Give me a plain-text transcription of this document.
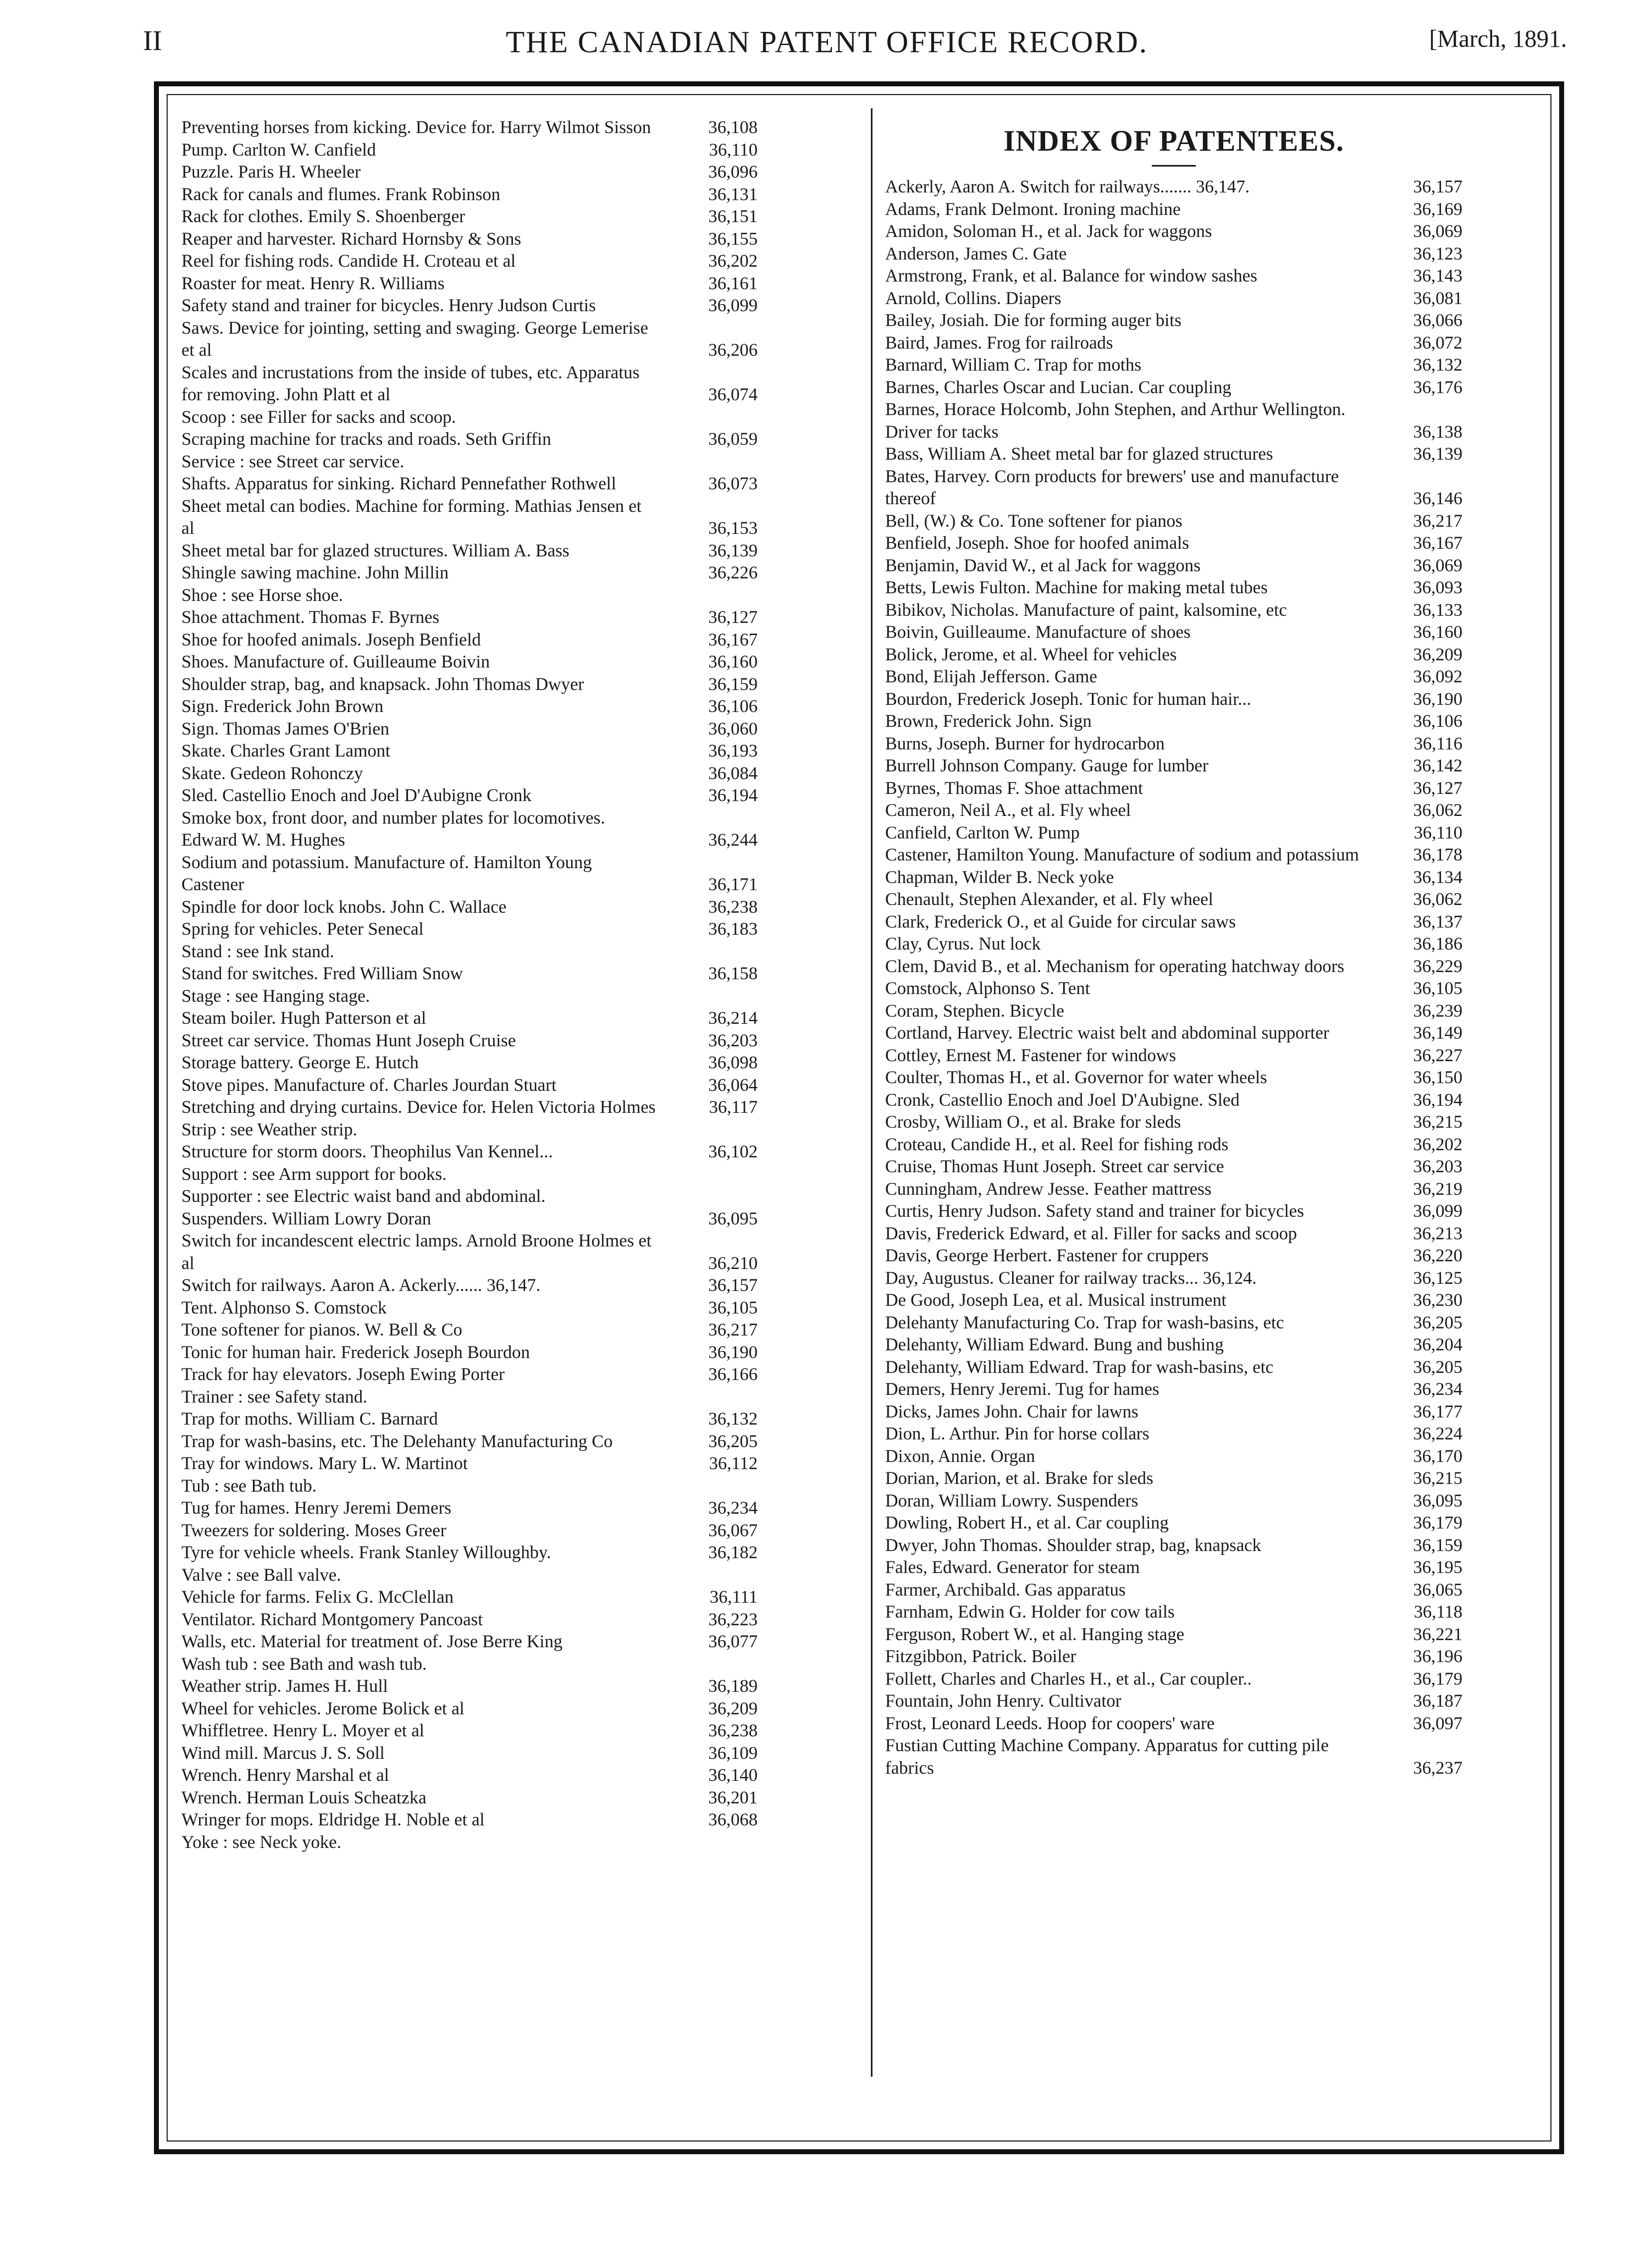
II	THE CANADIAN PATENT OFFICE RECORD.	[March, 1891.
Preventing horses from kicking. Device for. Harry Wilmot Sisson	36,108
Pump. Carlton W. Canfield	36,110
Puzzle. Paris H. Wheeler	36,096
Rack for canals and flumes. Frank Robinson	36,131
Rack for clothes. Emily S. Shoenberger	36,151
Reaper and harvester. Richard Hornsby & Sons	36,155
Reel for fishing rods. Candide H. Croteau et al	36,202
Roaster for meat. Henry R. Williams	36,161
Safety stand and trainer for bicycles. Henry Judson Curtis	36,099
Saws. Device for jointing, setting and swaging. George Lemerise et al	36,206
Scales and incrustations from the inside of tubes, etc. Apparatus for removing. John Platt et al	36,074
Scoop : see Filler for sacks and scoop.
Scraping machine for tracks and roads. Seth Griffin	36,059
Service : see Street car service.
Shafts. Apparatus for sinking. Richard Pennefather Rothwell	36,073
Sheet metal can bodies. Machine for forming. Mathias Jensen et al	36,153
Sheet metal bar for glazed structures. William A. Bass	36,139
Shingle sawing machine. John Millin	36,226
Shoe : see Horse shoe.
Shoe attachment. Thomas F. Byrnes	36,127
Shoe for hoofed animals. Joseph Benfield	36,167
Shoes. Manufacture of. Guilleaume Boivin	36,160
Shoulder strap, bag, and knapsack. John Thomas Dwyer	36,159
Sign. Frederick John Brown	36,106
Sign. Thomas James O'Brien	36,060
Skate. Charles Grant Lamont	36,193
Skate. Gedeon Rohonczy	36,084
Sled. Castellio Enoch and Joel D'Aubigne Cronk	36,194
Smoke box, front door, and number plates for locomotives. Edward W. M. Hughes	36,244
Sodium and potassium. Manufacture of. Hamilton Young Castener	36,171
Spindle for door lock knobs. John C. Wallace	36,238
Spring for vehicles. Peter Senecal	36,183
Stand : see Ink stand.
Stand for switches. Fred William Snow	36,158
Stage : see Hanging stage.
Steam boiler. Hugh Patterson et al	36,214
Street car service. Thomas Hunt Joseph Cruise	36,203
Storage battery. George E. Hutch	36,098
Stove pipes. Manufacture of. Charles Jourdan Stuart	36,064
Stretching and drying curtains. Device for. Helen Victoria Holmes	36,117
Strip : see Weather strip.
Structure for storm doors. Theophilus Van Kennel...	36,102
Support : see Arm support for books.
Supporter : see Electric waist band and abdominal.
Suspenders. William Lowry Doran	36,095
Switch for incandescent electric lamps. Arnold Broone Holmes et al	36,210
Switch for railways. Aaron A. Ackerly...... 36,147.	36,157
Tent. Alphonso S. Comstock	36,105
Tone softener for pianos. W. Bell & Co	36,217
Tonic for human hair. Frederick Joseph Bourdon	36,190
Track for hay elevators. Joseph Ewing Porter	36,166
Trainer : see Safety stand.
Trap for moths. William C. Barnard	36,132
Trap for wash-basins, etc. The Delehanty Manufacturing Co	36,205
Tray for windows. Mary L. W. Martinot	36,112
Tub : see Bath tub.
Tug for hames. Henry Jeremi Demers	36,234
Tweezers for soldering. Moses Greer	36,067
Tyre for vehicle wheels. Frank Stanley Willoughby.	36,182
Valve : see Ball valve.
Vehicle for farms. Felix G. McClellan	36,111
Ventilator. Richard Montgomery Pancoast	36,223
Walls, etc. Material for treatment of. Jose Berre King	36,077
Wash tub : see Bath and wash tub.
Weather strip. James H. Hull	36,189
Wheel for vehicles. Jerome Bolick et al	36,209
Whiffletree. Henry L. Moyer et al	36,238
Wind mill. Marcus J. S. Soll	36,109
Wrench. Henry Marshal et al	36,140
Wrench. Herman Louis Scheatzka	36,201
Wringer for mops. Eldridge H. Noble et al	36,068
Yoke : see Neck yoke.
INDEX OF PATENTEES.
Ackerly, Aaron A. Switch for railways....... 36,147.	36,157
Adams, Frank Delmont. Ironing machine	36,169
Amidon, Soloman H., et al. Jack for waggons	36,069
Anderson, James C. Gate	36,123
Armstrong, Frank, et al. Balance for window sashes	36,143
Arnold, Collins. Diapers	36,081
Bailey, Josiah. Die for forming auger bits	36,066
Baird, James. Frog for railroads	36,072
Barnard, William C. Trap for moths	36,132
Barnes, Charles Oscar and Lucian. Car coupling	36,176
Barnes, Horace Holcomb, John Stephen, and Arthur Wellington. Driver for tacks	36,138
Bass, William A. Sheet metal bar for glazed structures	36,139
Bates, Harvey. Corn products for brewers' use and manufacture thereof	36,146
Bell, (W.) & Co. Tone softener for pianos	36,217
Benfield, Joseph. Shoe for hoofed animals	36,167
Benjamin, David W., et al Jack for waggons	36,069
Betts, Lewis Fulton. Machine for making metal tubes	36,093
Bibikov, Nicholas. Manufacture of paint, kalsomine, etc	36,133
Boivin, Guilleaume. Manufacture of shoes	36,160
Bolick, Jerome, et al. Wheel for vehicles	36,209
Bond, Elijah Jefferson. Game	36,092
Bourdon, Frederick Joseph. Tonic for human hair...	36,190
Brown, Frederick John. Sign	36,106
Burns, Joseph. Burner for hydrocarbon	36,116
Burrell Johnson Company. Gauge for lumber	36,142
Byrnes, Thomas F. Shoe attachment	36,127
Cameron, Neil A., et al. Fly wheel	36,062
Canfield, Carlton W. Pump	36,110
Castener, Hamilton Young. Manufacture of sodium and potassium	36,178
Chapman, Wilder B. Neck yoke	36,134
Chenault, Stephen Alexander, et al. Fly wheel	36,062
Clark, Frederick O., et al Guide for circular saws	36,137
Clay, Cyrus. Nut lock	36,186
Clem, David B., et al. Mechanism for operating hatchway doors	36,229
Comstock, Alphonso S. Tent	36,105
Coram, Stephen. Bicycle	36,239
Cortland, Harvey. Electric waist belt and abdominal supporter	36,149
Cottley, Ernest M. Fastener for windows	36,227
Coulter, Thomas H., et al. Governor for water wheels	36,150
Cronk, Castellio Enoch and Joel D'Aubigne. Sled	36,194
Crosby, William O., et al. Brake for sleds	36,215
Croteau, Candide H., et al. Reel for fishing rods	36,202
Cruise, Thomas Hunt Joseph. Street car service	36,203
Cunningham, Andrew Jesse. Feather mattress	36,219
Curtis, Henry Judson. Safety stand and trainer for bicycles	36,099
Davis, Frederick Edward, et al. Filler for sacks and scoop	36,213
Davis, George Herbert. Fastener for cruppers	36,220
Day, Augustus. Cleaner for railway tracks... 36,124.	36,125
De Good, Joseph Lea, et al. Musical instrument	36,230
Delehanty Manufacturing Co. Trap for wash-basins, etc	36,205
Delehanty, William Edward. Bung and bushing	36,204
Delehanty, William Edward. Trap for wash-basins, etc	36,205
Demers, Henry Jeremi. Tug for hames	36,234
Dicks, James John. Chair for lawns	36,177
Dion, L. Arthur. Pin for horse collars	36,224
Dixon, Annie. Organ	36,170
Dorian, Marion, et al. Brake for sleds	36,215
Doran, William Lowry. Suspenders	36,095
Dowling, Robert H., et al. Car coupling	36,179
Dwyer, John Thomas. Shoulder strap, bag, knapsack	36,159
Fales, Edward. Generator for steam	36,195
Farmer, Archibald. Gas apparatus	36,065
Farnham, Edwin G. Holder for cow tails	36,118
Ferguson, Robert W., et al. Hanging stage	36,221
Fitzgibbon, Patrick. Boiler	36,196
Follett, Charles and Charles H., et al., Car coupler..	36,179
Fountain, John Henry. Cultivator	36,187
Frost, Leonard Leeds. Hoop for coopers' ware	36,097
Fustian Cutting Machine Company. Apparatus for cutting pile fabrics	36,237
